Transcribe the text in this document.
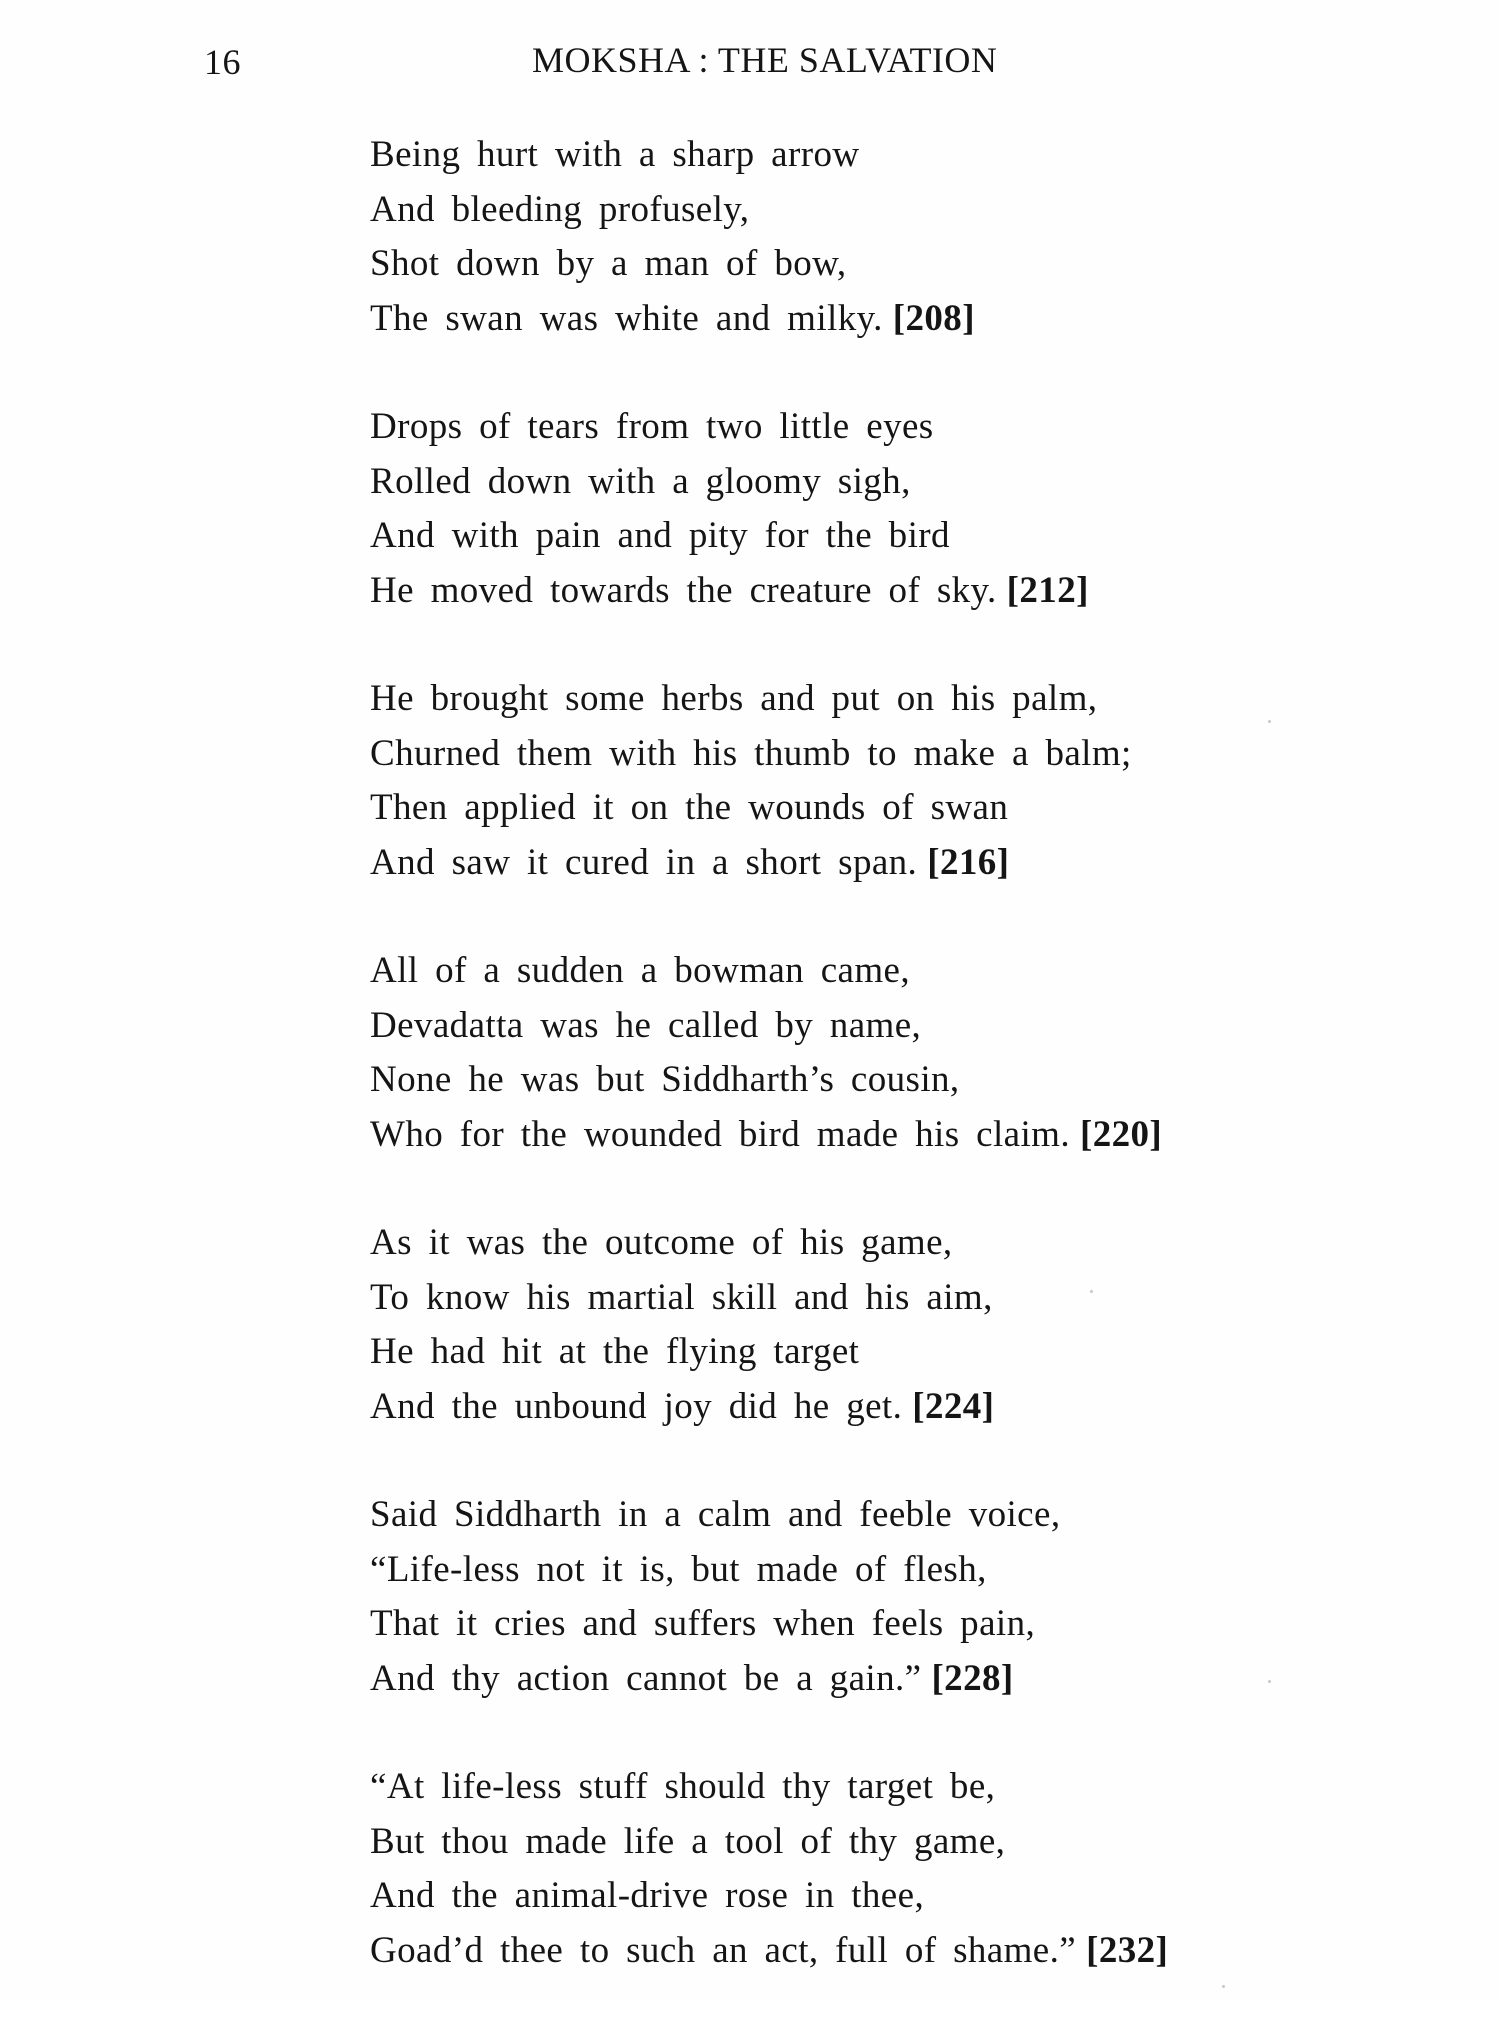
16	MOKSHA : THE SALVATION
Being hurt with a sharp arrow
And bleeding profusely,
Shot down by a man of bow,
The swan was white and milky. [208]
Drops of tears from two little eyes
Rolled down with a gloomy sigh,
And with pain and pity for the bird
He moved towards the creature of sky. [212]
He brought some herbs and put on his palm,
Churned them with his thumb to make a balm;
Then applied it on the wounds of swan
And saw it cured in a short span. [216]
All of a sudden a bowman came,
Devadatta was he called by name,
None he was but Siddharth’s cousin,
Who for the wounded bird made his claim. [220]
As it was the outcome of his game,
To know his martial skill and his aim,
He had hit at the flying target
And the unbound joy did he get. [224]
Said Siddharth in a calm and feeble voice,
“Life-less not it is, but made of flesh,
That it cries and suffers when feels pain,
And thy action cannot be a gain.” [228]
“At life-less stuff should thy target be,
But thou made life a tool of thy game,
And the animal-drive rose in thee,
Goad’d thee to such an act, full of shame.” [232]
